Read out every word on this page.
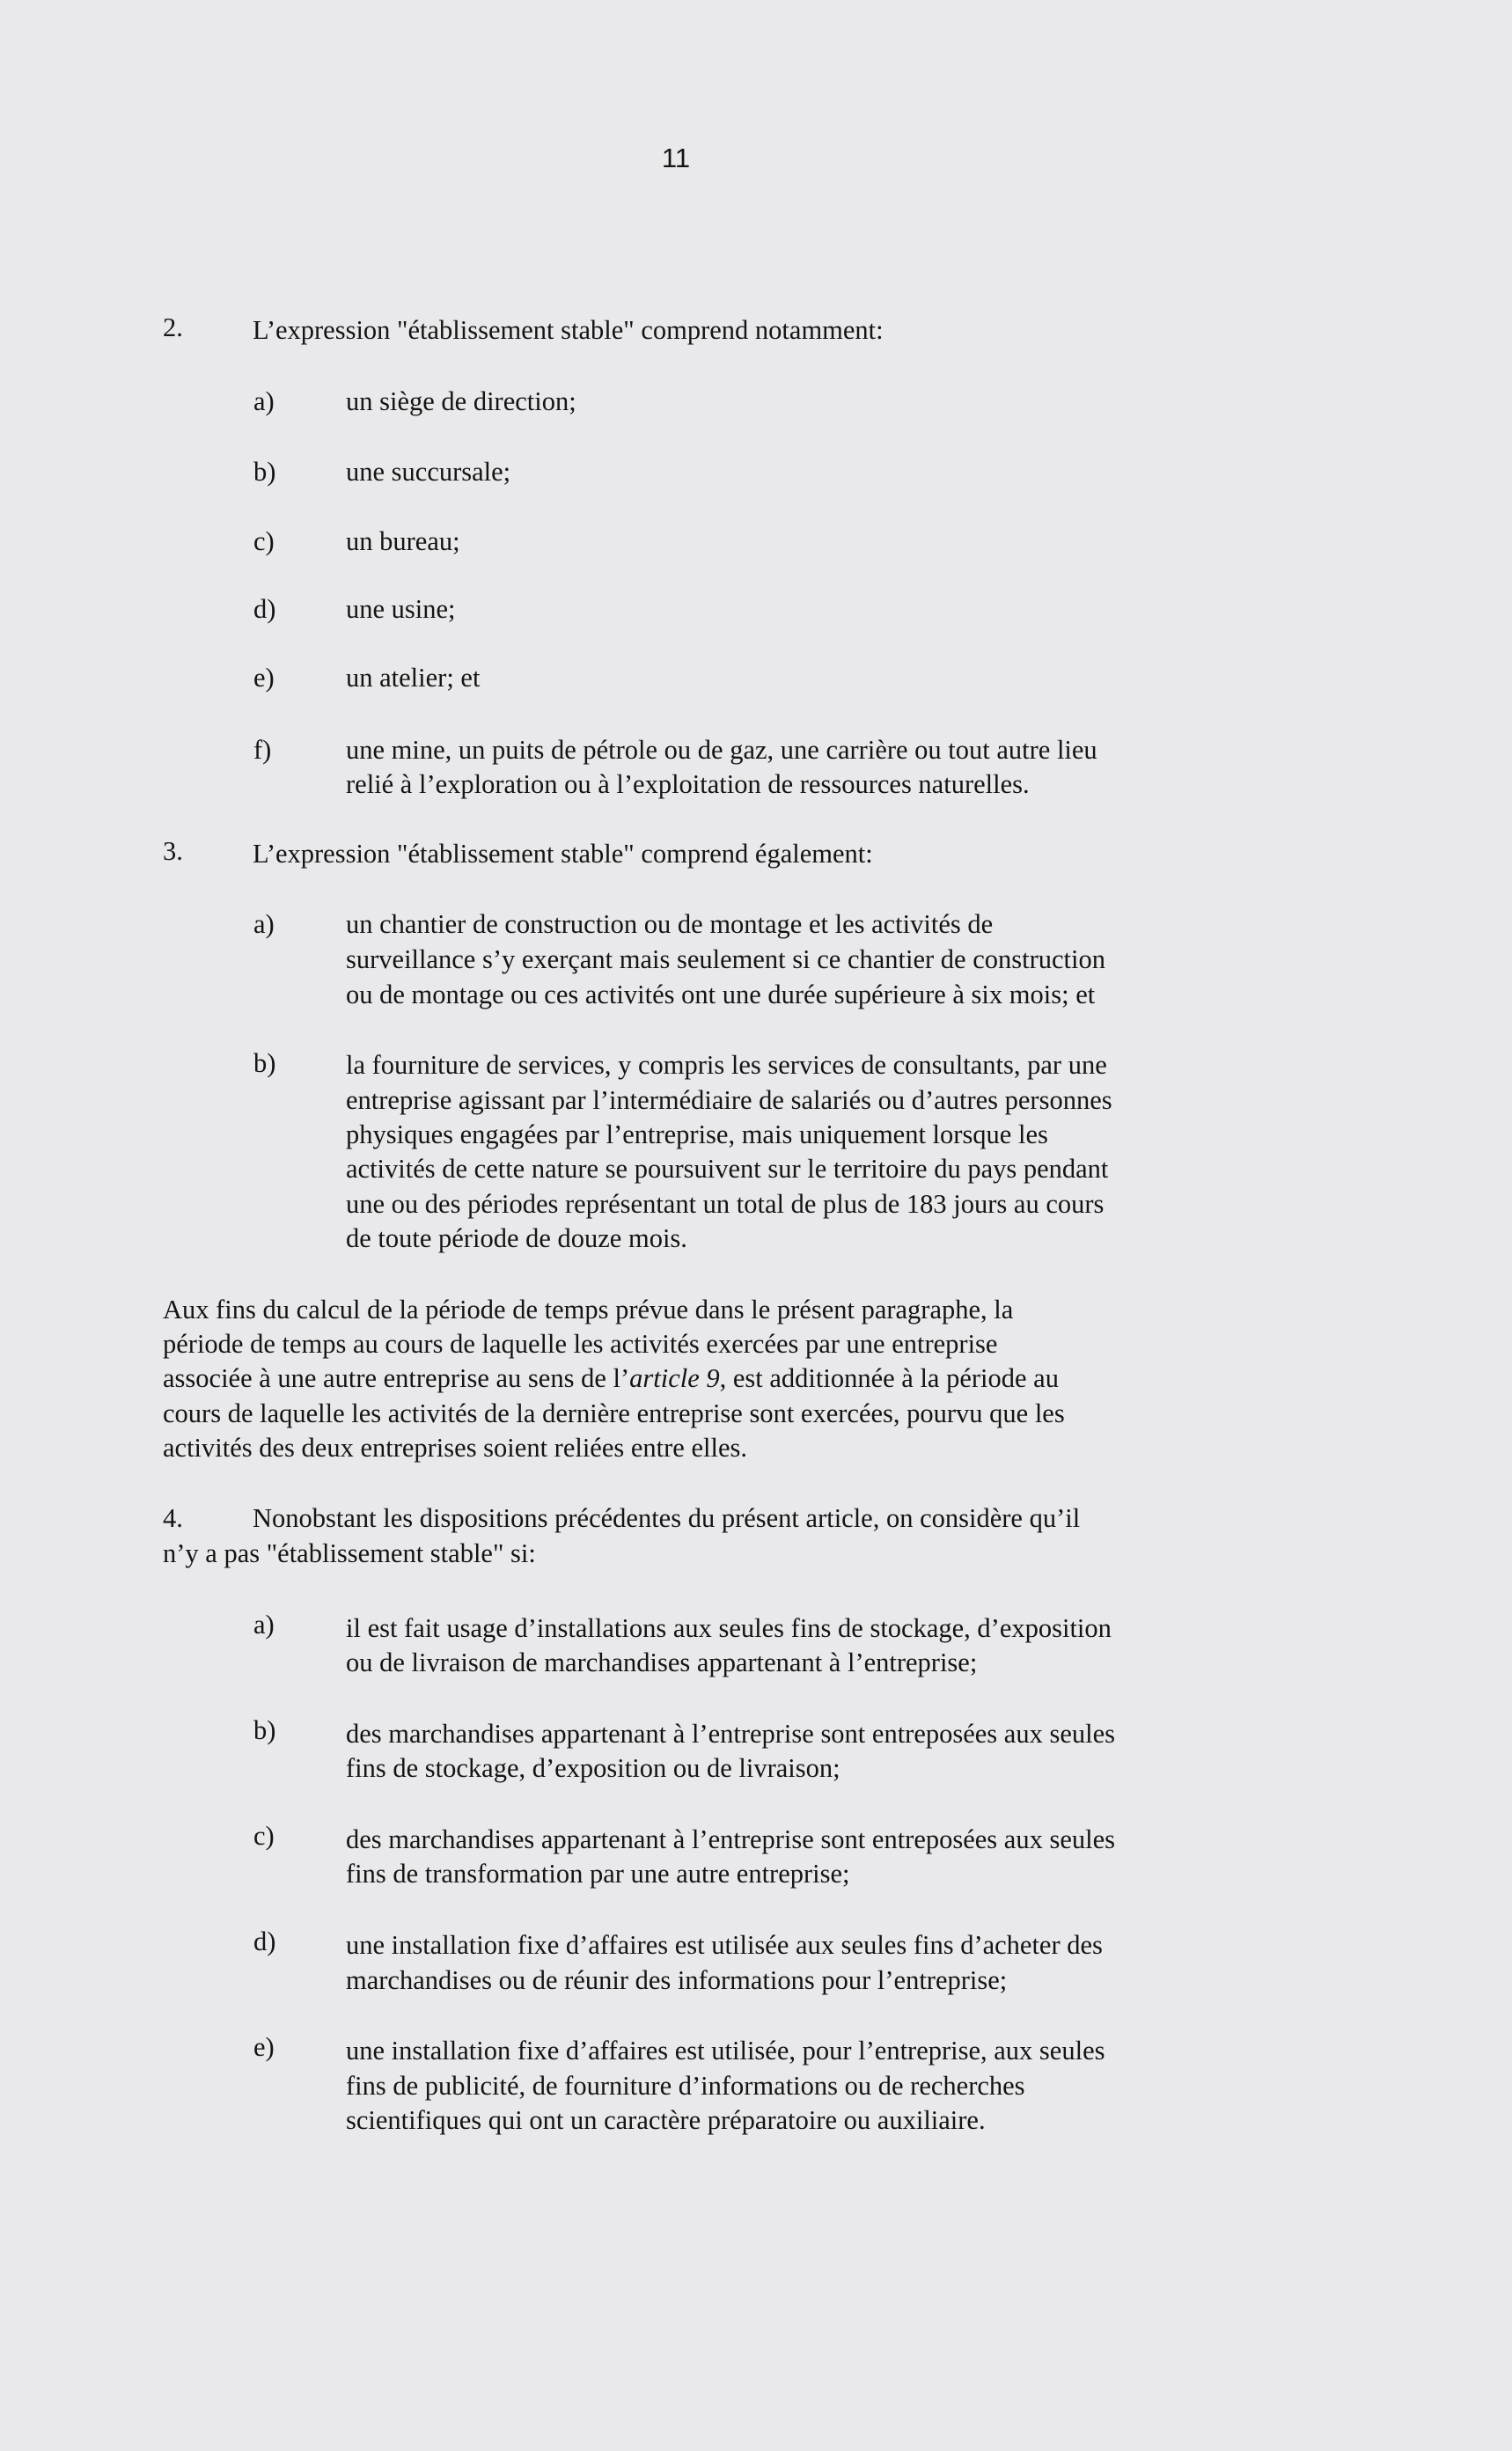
11
2.	L’expression "établissement stable" comprend notamment:
a)	un siège de direction;
b)	une succursale;
c)	un bureau;
d)	une usine;
e)	un atelier; et
f)	une mine, un puits de pétrole ou de gaz, une carrière ou tout autre lieu
relié à l’exploration ou à l’exploitation de ressources naturelles.
3.	L’expression "établissement stable" comprend également:
a)	un chantier de construction ou de montage et les activités de
surveillance s’y exerçant mais seulement si ce chantier de construction
ou de montage ou ces activités ont une durée supérieure à six mois; et
b)	la fourniture de services, y compris les services de consultants, par une
entreprise agissant par l’intermédiaire de salariés ou d’autres personnes
physiques engagées par l’entreprise, mais uniquement lorsque les
activités de cette nature se poursuivent sur le territoire du pays pendant
une ou des périodes représentant un total de plus de 183 jours au cours
de toute période de douze mois.
Aux fins du calcul de la période de temps prévue dans le présent paragraphe, la
période de temps au cours de laquelle les activités exercées par une entreprise
associée à une autre entreprise au sens de l’article 9, est additionnée à la période au
cours de laquelle les activités de la dernière entreprise sont exercées, pourvu que les
activités des deux entreprises soient reliées entre elles.
4.	Nonobstant les dispositions précédentes du présent article, on considère qu’il
n’y a pas "établissement stable" si:
a)	il est fait usage d’installations aux seules fins de stockage, d’exposition
ou de livraison de marchandises appartenant à l’entreprise;
b)	des marchandises appartenant à l’entreprise sont entreposées aux seules
fins de stockage, d’exposition ou de livraison;
c)	des marchandises appartenant à l’entreprise sont entreposées aux seules
fins de transformation par une autre entreprise;
d)	une installation fixe d’affaires est utilisée aux seules fins d’acheter des
marchandises ou de réunir des informations pour l’entreprise;
e)	une installation fixe d’affaires est utilisée, pour l’entreprise, aux seules
fins de publicité, de fourniture d’informations ou de recherches
scientifiques qui ont un caractère préparatoire ou auxiliaire.
